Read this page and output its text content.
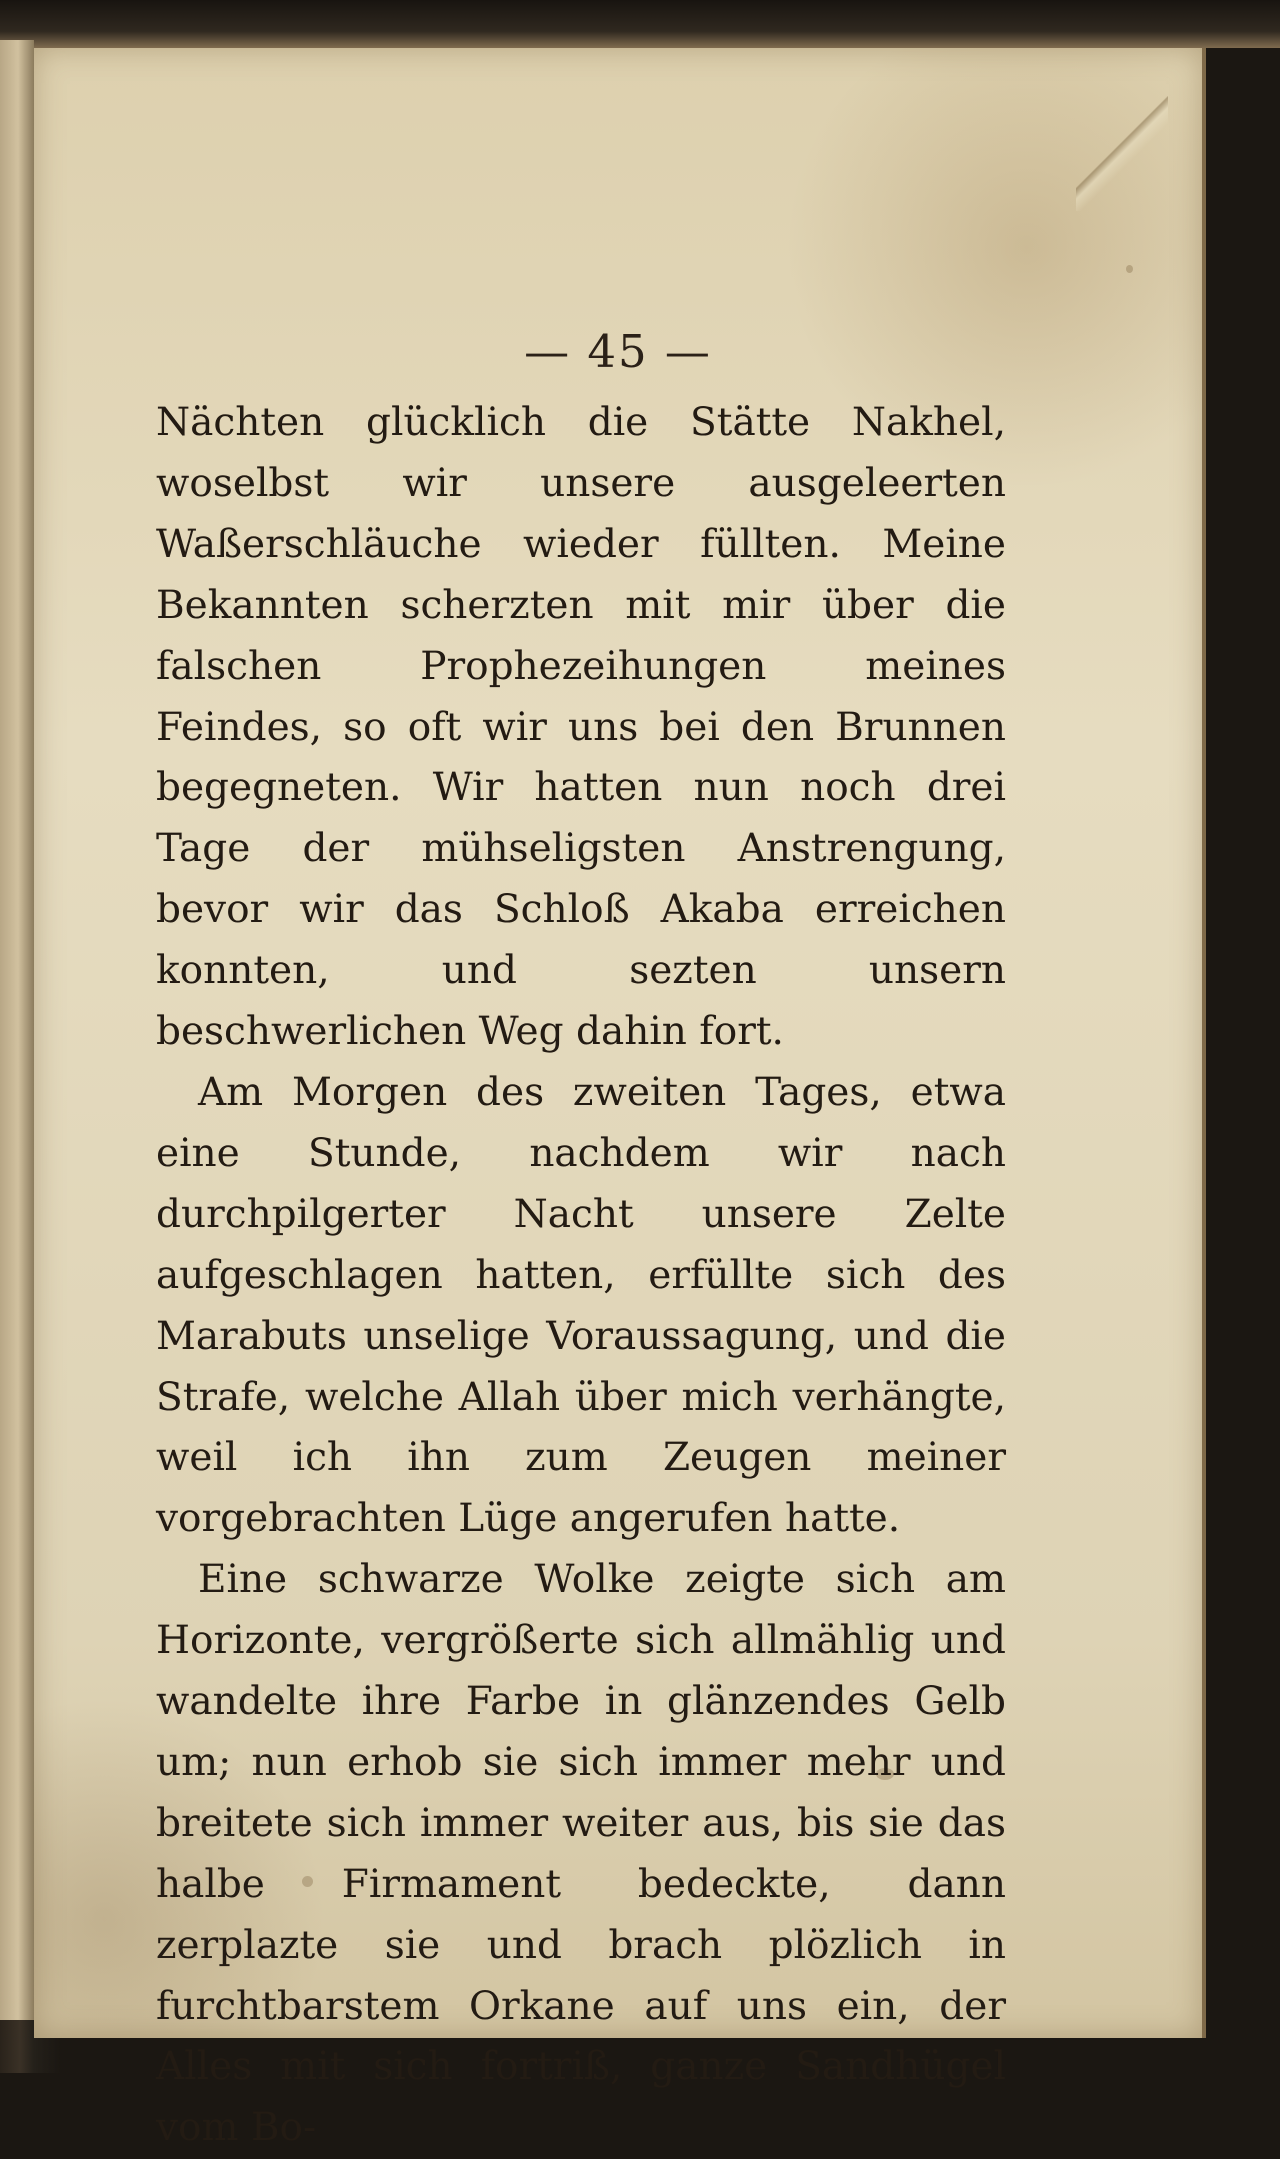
— 45 —

Nächten glücklich die Stätte Nakhel, woselbst wir unsere ausgeleerten Waßerschläuche wieder füllten. Meine Bekannten scherzten mit mir über die falschen Prophezeihungen meines Feindes, so oft wir uns bei den Brunnen begegneten. Wir hatten nun noch drei Tage der mühseligsten Anstrengung, bevor wir das Schloß Akaba erreichen konnten, und sezten unsern beschwerlichen Weg dahin fort.

Am Morgen des zweiten Tages, etwa eine Stunde, nachdem wir nach durchpilgerter Nacht unsere Zelte aufgeschlagen hatten, erfüllte sich des Marabuts unselige Voraussagung, und die Strafe, welche Allah über mich verhängte, weil ich ihn zum Zeugen meiner vorgebrachten Lüge angerufen hatte.

Eine schwarze Wolke zeigte sich am Horizonte, vergrößerte sich allmählig und wandelte ihre Farbe in glänzendes Gelb um; nun erhob sie sich immer mehr und breitete sich immer weiter aus, bis sie das halbe Firmament bedeckte, dann zerplazte sie und brach plözlich in furchtbarstem Orkane auf uns ein, der Alles mit sich fortriß, ganze Sandhügel vom Bo-
